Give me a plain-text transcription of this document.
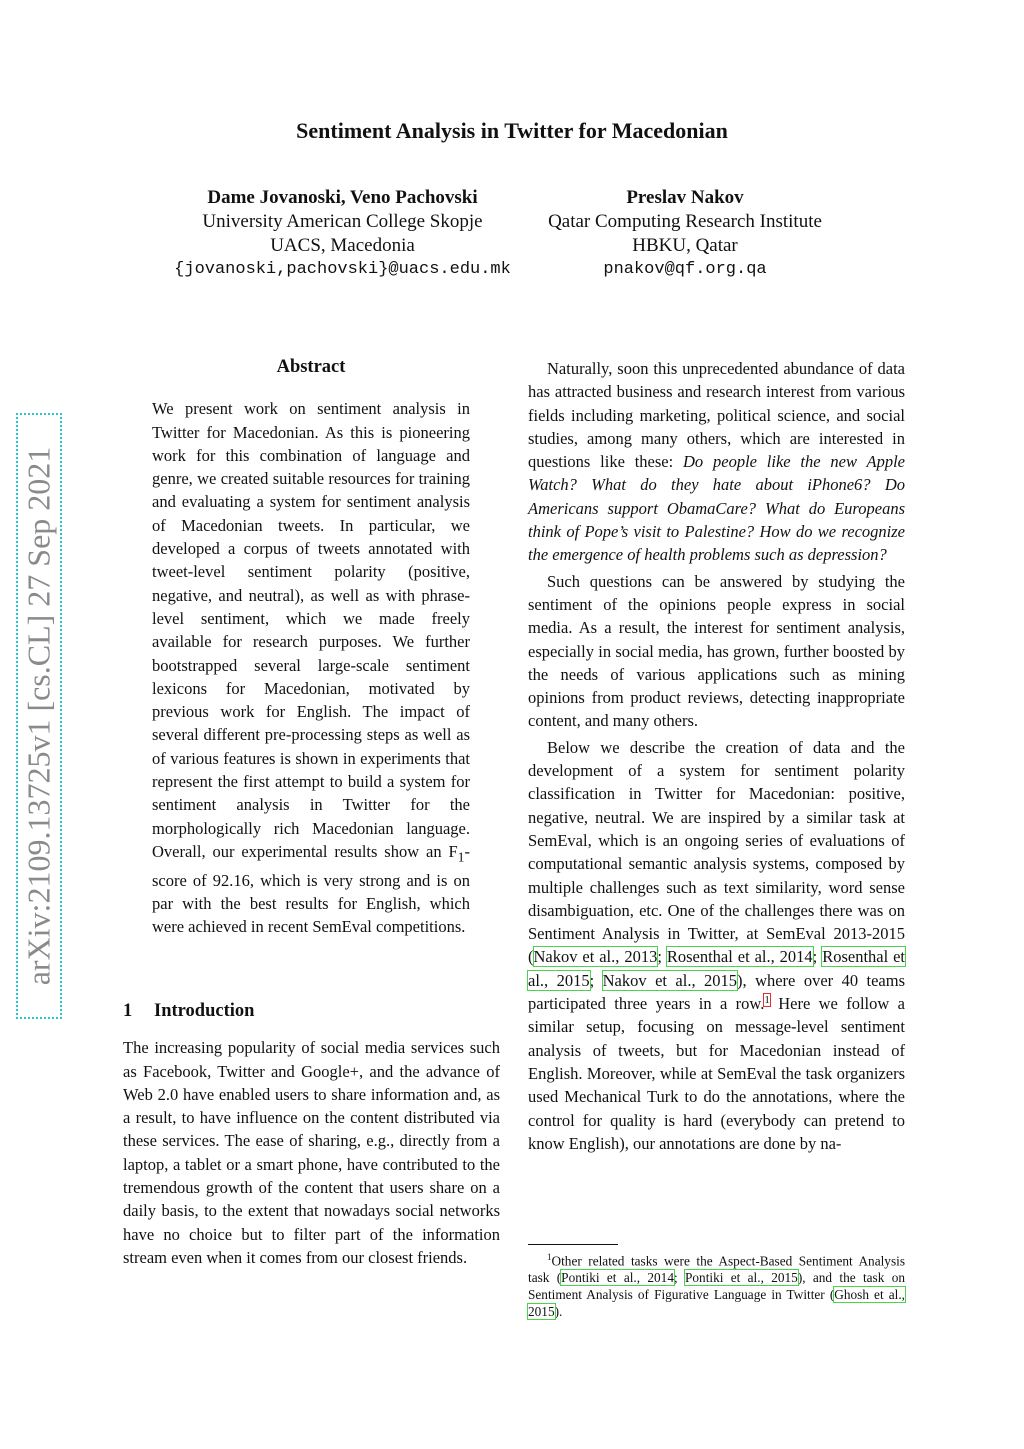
Sentiment Analysis in Twitter for Macedonian
Dame Jovanoski, Veno Pachovski
University American College Skopje
UACS, Macedonia
{jovanoski,pachovski}@uacs.edu.mk
Preslav Nakov
Qatar Computing Research Institute
HBKU, Qatar
pnakov@qf.org.qa
arXiv:2109.13725v1 [cs.CL] 27 Sep 2021
Abstract

We present work on sentiment analysis in Twitter for Macedonian. As this is pioneering work for this combination of language and genre, we created suitable resources for training and evaluating a system for sentiment analysis of Macedonian tweets. In particular, we developed a corpus of tweets annotated with tweet-level sentiment polarity (positive, negative, and neutral), as well as with phrase-level sentiment, which we made freely available for research purposes. We further bootstrapped several large-scale sentiment lexicons for Macedonian, motivated by previous work for English. The impact of several different pre-processing steps as well as of various features is shown in experiments that represent the first attempt to build a system for sentiment analysis in Twitter for the morphologically rich Macedonian language. Overall, our experimental results show an $F_1$-score of 92.16, which is very strong and is on par with the best results for English, which were achieved in recent SemEval competitions.

1 Introduction

The increasing popularity of social media services such as Facebook, Twitter and Google+, and the advance of Web 2.0 have enabled users to share information and, as a result, to have influence on the content distributed via these services. The ease of sharing, e.g., directly from a laptop, a tablet or a smart phone, have contributed to the tremendous growth of the content that users share on a daily basis, to the extent that nowadays social networks have no choice but to filter part of the information stream even when it comes from our closest friends.

Naturally, soon this unprecedented abundance of data has attracted business and research interest from various fields including marketing, political science, and social studies, among many others, which are interested in questions like these: Do people like the new Apple Watch? What do they hate about iPhone6? Do Americans support ObamaCare? What do Europeans think of Pope’s visit to Palestine? How do we recognize the emergence of health problems such as depression?

Such questions can be answered by studying the sentiment of the opinions people express in social media. As a result, the interest for sentiment analysis, especially in social media, has grown, further boosted by the needs of various applications such as mining opinions from product reviews, detecting inappropriate content, and many others.

Below we describe the creation of data and the development of a system for sentiment polarity classification in Twitter for Macedonian: positive, negative, neutral. We are inspired by a similar task at SemEval, which is an ongoing series of evaluations of computational semantic analysis systems, composed by multiple challenges such as text similarity, word sense disambiguation, etc. One of the challenges there was on Sentiment Analysis in Twitter, at SemEval 2013-2015 (Nakov et al., 2013; Rosenthal et al., 2014; Rosenthal et al., 2015; Nakov et al., 2015), where over 40 teams participated three years in a row.$^1$ Here we follow a similar setup, focusing on message-level sentiment analysis of tweets, but for Macedonian instead of English. Moreover, while at SemEval the task organizers used Mechanical Turk to do the annotations, where the control for quality is hard (everybody can pretend to know English), our annotations are done by na-

$^1$Other related tasks were the Aspect-Based Sentiment Analysis task (Pontiki et al., 2014; Pontiki et al., 2015), and the task on Sentiment Analysis of Figurative Language in Twitter (Ghosh et al., 2015).
